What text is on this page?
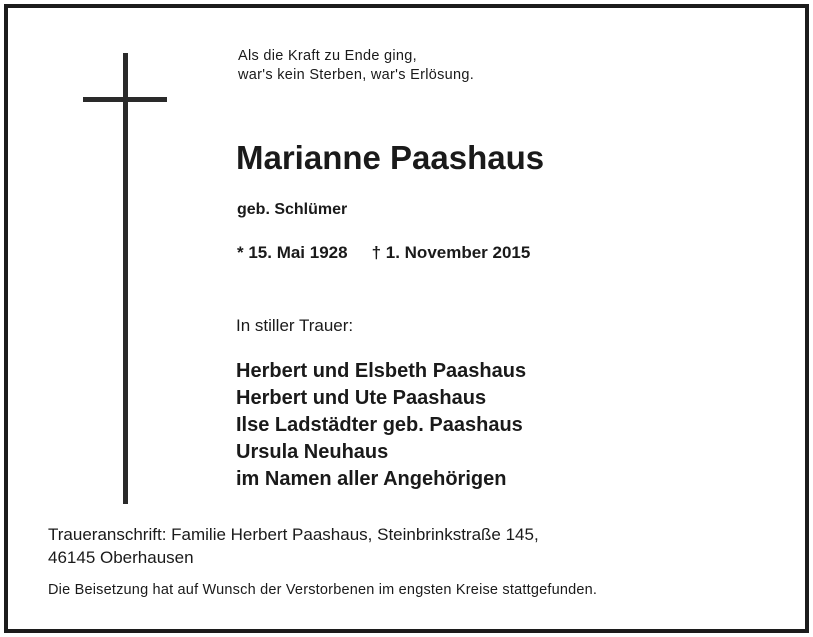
Als die Kraft zu Ende ging,
war's kein Sterben, war's Erlösung.
Marianne Paashaus
geb. Schlümer
* 15. Mai 1928 † 1. November 2015
In stiller Trauer:
Herbert und Elsbeth Paashaus
Herbert und Ute Paashaus
Ilse Ladstädter geb. Paashaus
Ursula Neuhaus
im Namen aller Angehörigen
Traueranschrift: Familie Herbert Paashaus, Steinbrinkstraße 145,
46145 Oberhausen
Die Beisetzung hat auf Wunsch der Verstorbenen im engsten Kreise stattgefunden.
